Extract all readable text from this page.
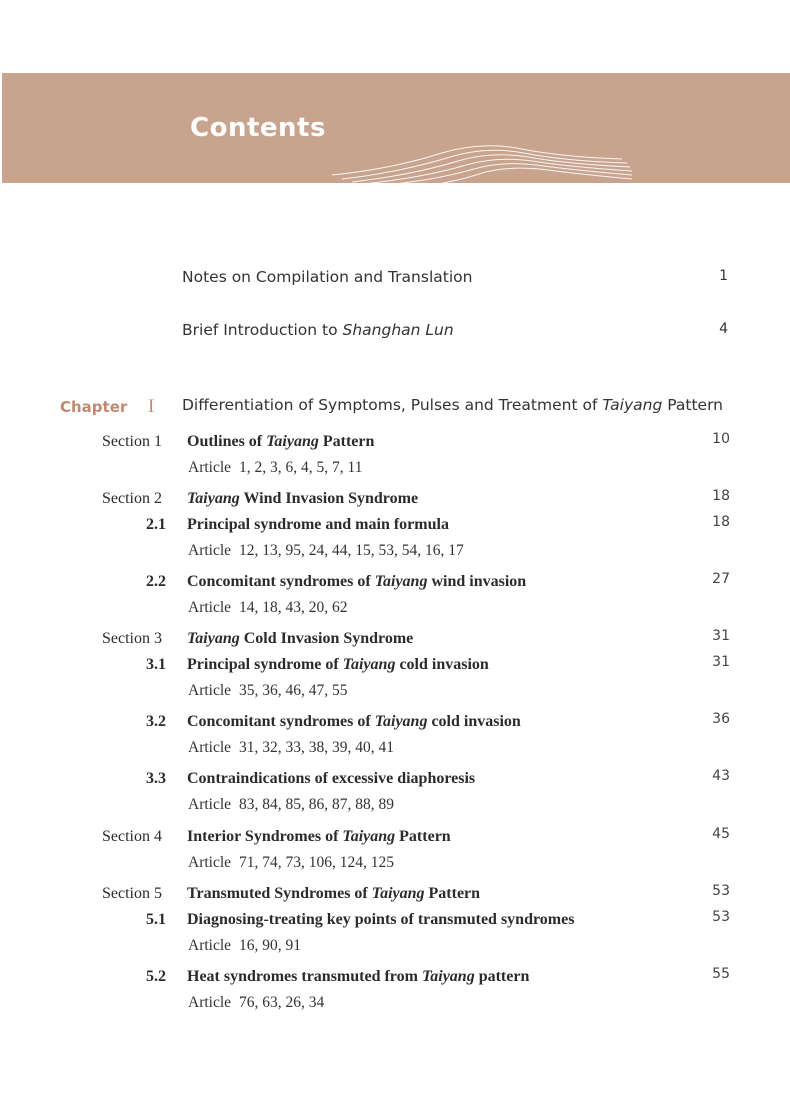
Contents
Notes on Compilation and Translation	1
Brief Introduction to Shanghan Lun	4
Chapter I Differentiation of Symptoms, Pulses and Treatment of Taiyang Pattern
Section 1 Outlines of Taiyang Pattern	10
Article 1, 2, 3, 6, 4, 5, 7, 11
Section 2 Taiyang Wind Invasion Syndrome	18
2.1 Principal syndrome and main formula	18
Article 12, 13, 95, 24, 44, 15, 53, 54, 16, 17
2.2 Concomitant syndromes of Taiyang wind invasion	27
Article 14, 18, 43, 20, 62
Section 3 Taiyang Cold Invasion Syndrome	31
3.1 Principal syndrome of Taiyang cold invasion	31
Article 35, 36, 46, 47, 55
3.2 Concomitant syndromes of Taiyang cold invasion	36
Article 31, 32, 33, 38, 39, 40, 41
3.3 Contraindications of excessive diaphoresis	43
Article 83, 84, 85, 86, 87, 88, 89
Section 4 Interior Syndromes of Taiyang Pattern	45
Article 71, 74, 73, 106, 124, 125
Section 5 Transmuted Syndromes of Taiyang Pattern	53
5.1 Diagnosing-treating key points of transmuted syndromes	53
Article 16, 90, 91
5.2 Heat syndromes transmuted from Taiyang pattern	55
Article 76, 63, 26, 34
